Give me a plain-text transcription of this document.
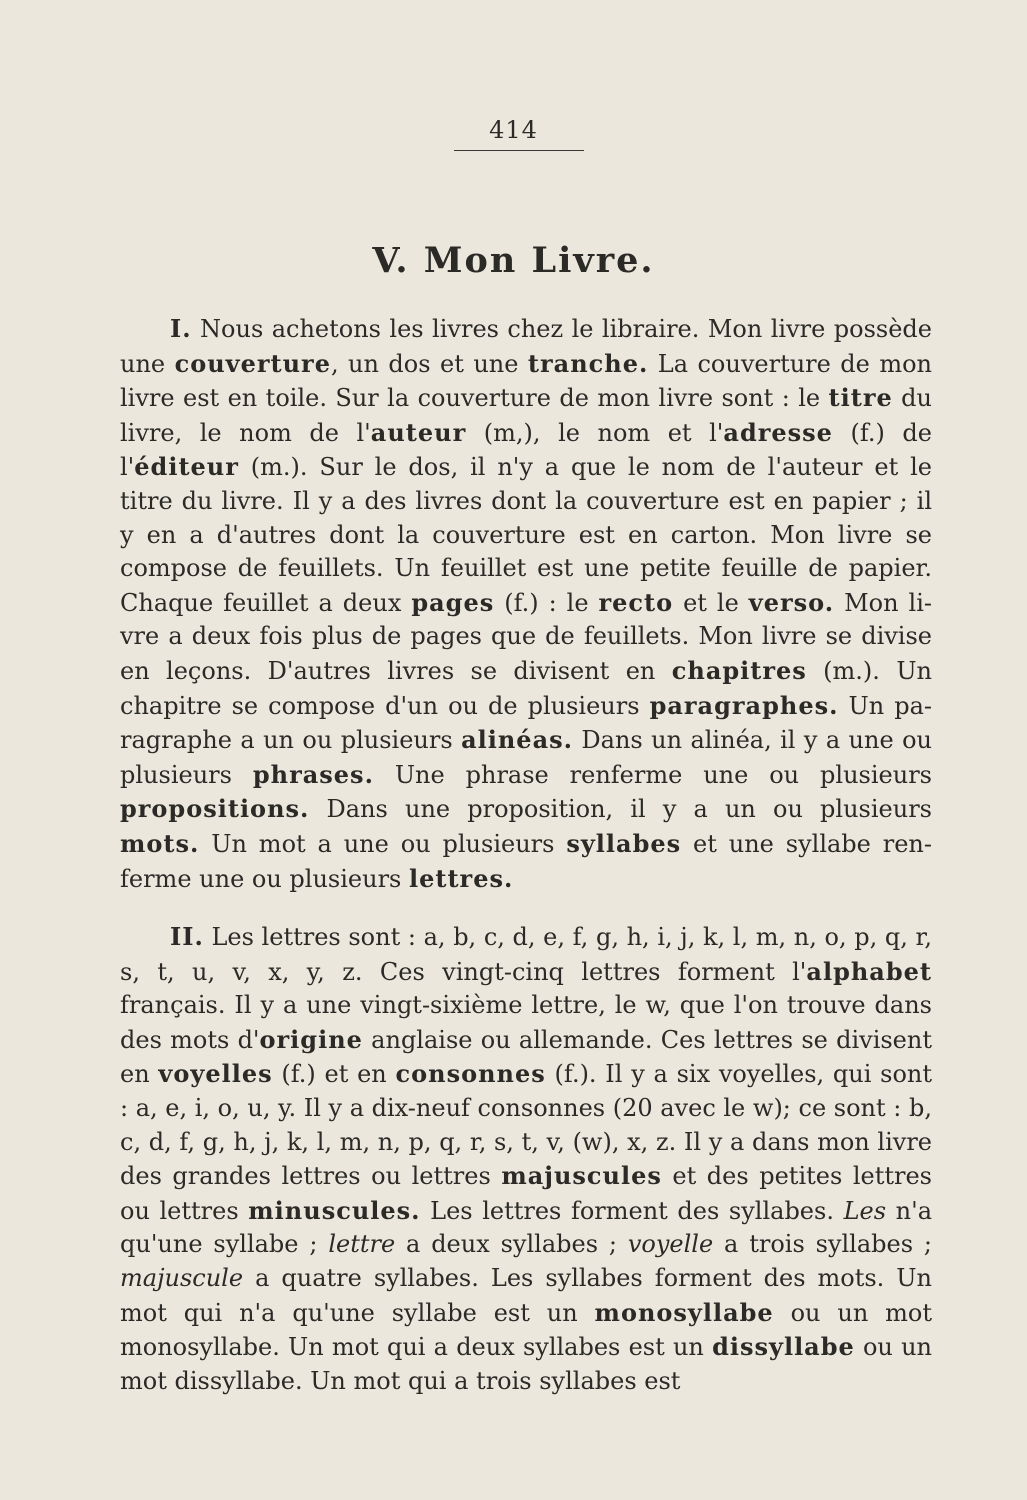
414
V. Mon Livre.

I. Nous achetons les livres chez le libraire. Mon livre possède une couverture, un dos et une tranche. La couverture de mon livre est en toile. Sur la couverture de mon livre sont : le titre du livre, le nom de l'auteur (m,), le nom et l'adresse (f.) de l'éditeur (m.). Sur le dos, il n'y a que le nom de l'auteur et le titre du livre. Il y a des livres dont la couverture est en papier ; il y en a d'autres dont la couverture est en carton. Mon livre se compose de feuillets. Un feuillet est une petite feuille de papier. Chaque feuillet a deux pages (f.) : le recto et le verso. Mon livre a deux fois plus de pages que de feuillets. Mon livre se divise en leçons. D'autres livres se divisent en chapitres (m.). Un chapitre se compose d'un ou de plusieurs paragraphes. Un paragraphe a un ou plusieurs alinéas. Dans un alinéa, il y a une ou plusieurs phrases. Une phrase renferme une ou plusieurs propositions. Dans une proposition, il y a un ou plusieurs mots. Un mot a une ou plusieurs syllabes et une syllabe renferme une ou plusieurs lettres.

II. Les lettres sont : a, b, c, d, e, f, g, h, i, j, k, l, m, n, o, p, q, r, s, t, u, v, x, y, z. Ces vingt-cinq lettres forment l'alphabet français. Il y a une vingt-sixième lettre, le w, que l'on trouve dans des mots d'origine anglaise ou allemande. Ces lettres se divisent en voyelles (f.) et en consonnes (f.). Il y a six voyelles, qui sont : a, e, i, o, u, y. Il y a dix-neuf consonnes (20 avec le w); ce sont : b, c, d, f, g, h, j, k, l, m, n, p, q, r, s, t, v, (w), x, z. Il y a dans mon livre des grandes lettres ou lettres majuscules et des petites lettres ou lettres minuscules. Les lettres forment des syllabes. Les n'a qu'une syllabe ; lettre a deux syllabes ; voyelle a trois syllabes ; majuscule a quatre syllabes. Les syllabes forment des mots. Un mot qui n'a qu'une syllabe est un monosyllabe ou un mot monosyllabe. Un mot qui a deux syllabes est un dissyllabe ou un mot dissyllabe. Un mot qui a trois syllabes est
